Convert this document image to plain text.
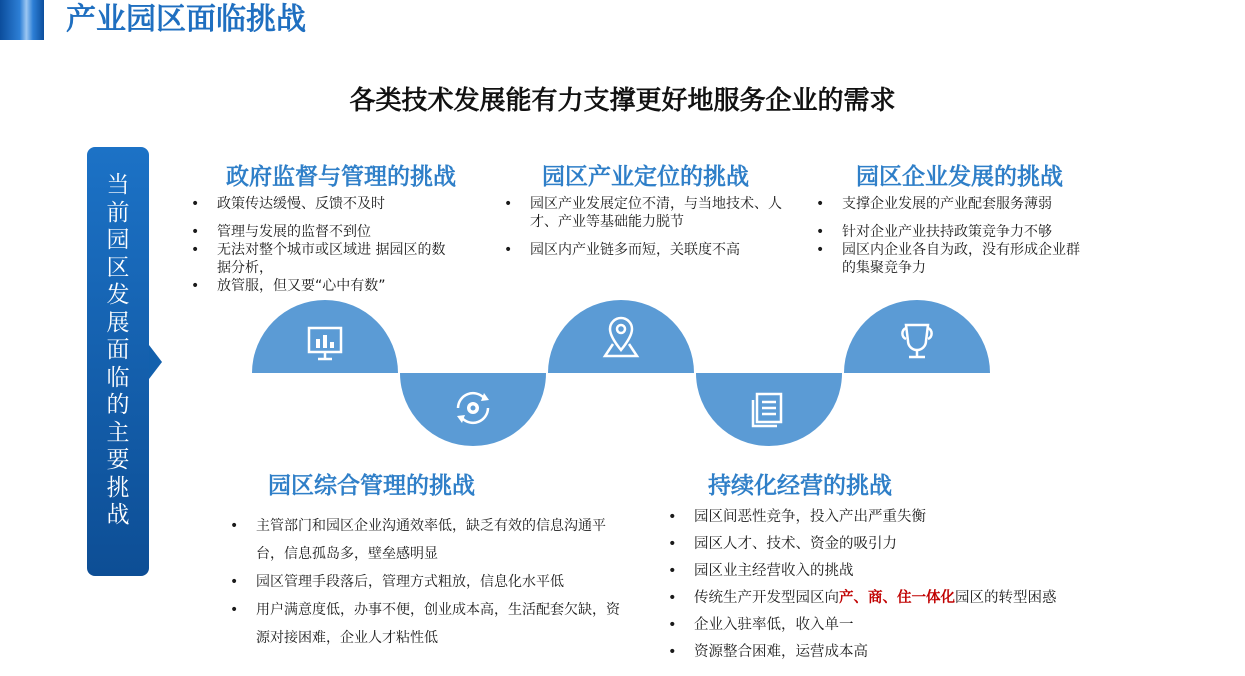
产业园区面临挑战
各类技术发展能有力支撑更好地服务企业的需求
当前园区发展面临的主要挑战
政府监督与管理的挑战
• 政策传达缓慢、反馈不及时
• 管理与发展的监督不到位
• 无法对整个城市或区域进 据园区的数据分析，
• 放管服，但又要“心中有数”
园区产业定位的挑战
• 园区产业发展定位不清，与当地技术、人才、产业等基础能力脱节
• 园区内产业链多而短，关联度不高
园区企业发展的挑战
• 支撑企业发展的产业配套服务薄弱
• 针对企业产业扶持政策竞争力不够
• 园区内企业各自为政，没有形成企业群的集聚竞争力
园区综合管理的挑战
• 主管部门和园区企业沟通效率低，缺乏有效的信息沟通平台，信息孤岛多，壁垒感明显
• 园区管理手段落后，管理方式粗放，信息化水平低
• 用户满意度低，办事不便，创业成本高，生活配套欠缺，资源对接困难，企业人才粘性低
持续化经营的挑战
• 园区间恶性竞争，投入产出严重失衡
• 园区人才、技术、资金的吸引力
• 园区业主经营收入的挑战
• 传统生产开发型园区向产、商、住一体化园区的转型困惑
• 企业入驻率低，收入单一
• 资源整合困难，运营成本高
